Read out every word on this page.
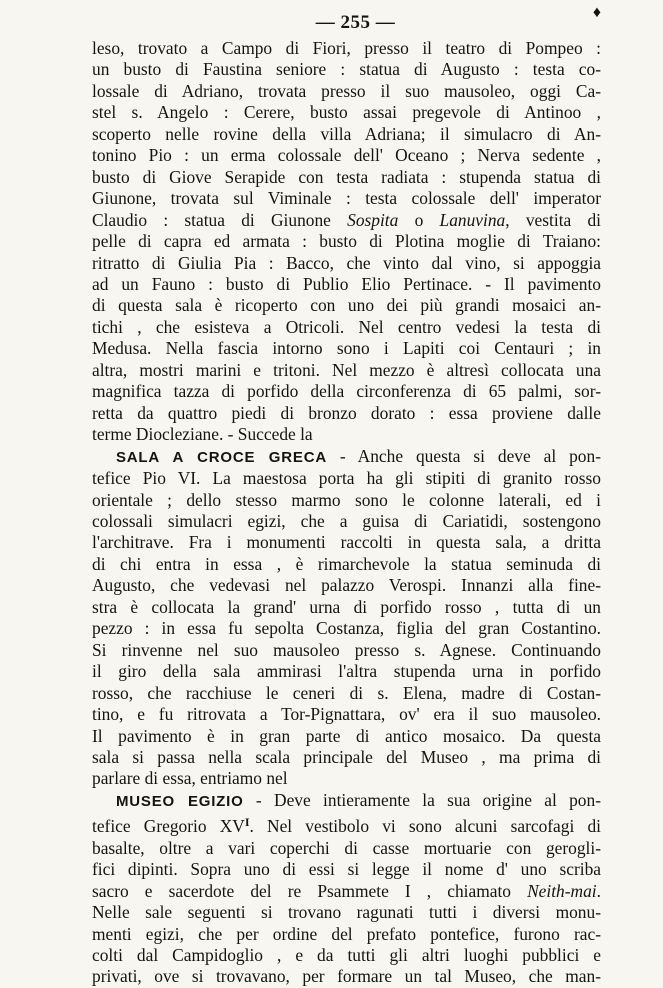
♦
— 255 —
leso, trovato a Campo di Fiori, presso il teatro di Pompeo :
un busto di Faustina seniore : statua di Augusto : testa co-
lossale di Adriano, trovata presso il suo mausoleo, oggi Ca-
stel s. Angelo : Cerere, busto assai pregevole di Antinoo ,
scoperto nelle rovine della villa Adriana; il simulacro di An-
tonino Pio : un erma colossale dell' Oceano ; Nerva sedente ,
busto di Giove Serapide con testa radiata : stupenda statua di
Giunone, trovata sul Viminale : testa colossale dell' imperator
Claudio : statua di Giunone Sospita o Lanuvina, vestita di
pelle di capra ed armata : busto di Plotina moglie di Traiano:
ritratto di Giulia Pia : Bacco, che vinto dal vino, si appoggia
ad un Fauno : busto di Publio Elio Pertinace. - Il pavimento
di questa sala è ricoperto con uno dei più grandi mosaici an-
tichi , che esisteva a Otricoli. Nel centro vedesi la testa di
Medusa. Nella fascia intorno sono i Lapiti coi Centauri ; in
altra, mostri marini e tritoni. Nel mezzo è altresì collocata una
magnifica tazza di porfido della circonferenza di 65 palmi, sor-
retta da quattro piedi di bronzo dorato : essa proviene dalle
terme Diocleziane. - Succede la
SALA A CROCE GRECA - Anche questa si deve al pon-
tefice Pio VI. La maestosa porta ha gli stipiti di granito rosso
orientale ; dello stesso marmo sono le colonne laterali, ed i
colossali simulacri egizi, che a guisa di Cariatidi, sostengono
l'architrave. Fra i monumenti raccolti in questa sala, a dritta
di chi entra in essa , è rimarchevole la statua seminuda di
Augusto, che vedevasi nel palazzo Verospi. Innanzi alla fine-
stra è collocata la grand' urna di porfido rosso , tutta di un
pezzo : in essa fu sepolta Costanza, figlia del gran Costantino.
Si rinvenne nel suo mausoleo presso s. Agnese. Continuando
il giro della sala ammirasi l'altra stupenda urna in porfido
rosso, che racchiuse le ceneri di s. Elena, madre di Costan-
tino, e fu ritrovata a Tor-Pignattara, ov' era il suo mausoleo.
Il pavimento è in gran parte di antico mosaico. Da questa
sala si passa nella scala principale del Museo , ma prima di
parlare di essa, entriamo nel
MUSEO EGIZIO - Deve intieramente la sua origine al pon-
tefice Gregorio $XV^I$. Nel vestibolo vi sono alcuni sarcofagi di
basalte, oltre a vari coperchi di casse mortuarie con gerogli-
fici dipinti. Sopra uno di essi si legge il nome d' uno scriba
sacro e sacerdote del re Psammete I , chiamato Neith-mai.
Nelle sale seguenti si trovano ragunati tutti i diversi monu-
menti egizi, che per ordine del prefato pontefice, furono rac-
colti dal Campidoglio , e da tutti gli altri luoghi pubblici e
privati, ove si trovavano, per formare un tal Museo, che man-
